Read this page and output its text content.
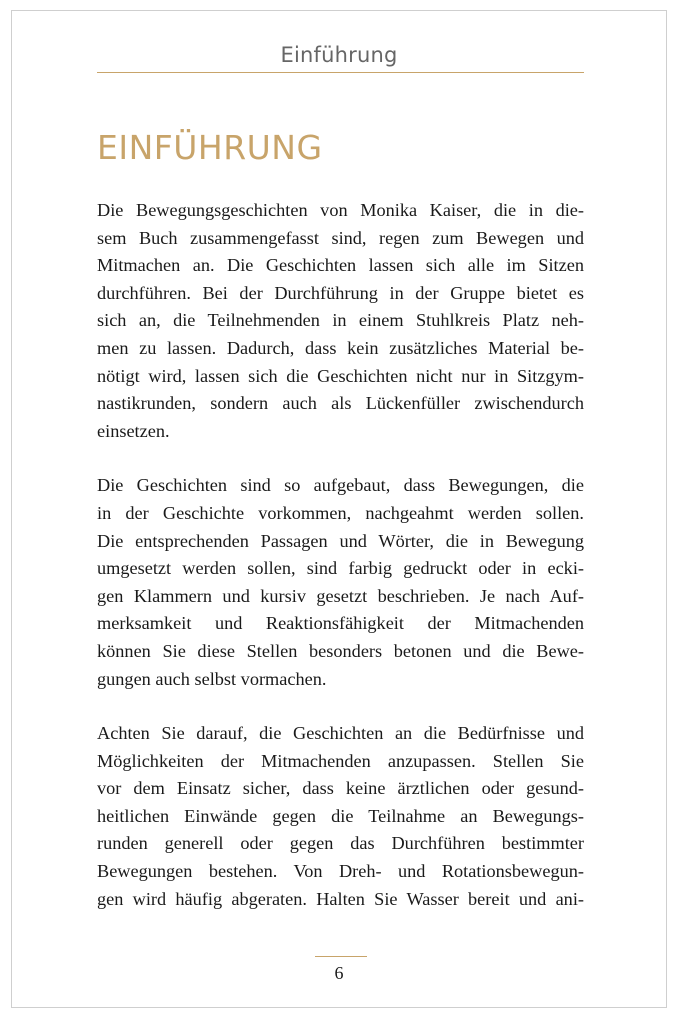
Einführung
EINFÜHRUNG

Die Bewegungsgeschichten von Monika Kaiser, die in die-
sem Buch zusammengefasst sind, regen zum Bewegen und
Mitmachen an. Die Geschichten lassen sich alle im Sitzen
durchführen. Bei der Durchführung in der Gruppe bietet es
sich an, die Teilnehmenden in einem Stuhlkreis Platz neh-
men zu lassen. Dadurch, dass kein zusätzliches Material be-
nötigt wird, lassen sich die Geschichten nicht nur in Sitzgym-
nastikrunden, sondern auch als Lückenfüller zwischendurch
einsetzen.

Die Geschichten sind so aufgebaut, dass Bewegungen, die
in der Geschichte vorkommen, nachgeahmt werden sollen.
Die entsprechenden Passagen und Wörter, die in Bewegung
umgesetzt werden sollen, sind farbig gedruckt oder in ecki-
gen Klammern und kursiv gesetzt beschrieben. Je nach Auf-
merksamkeit und Reaktionsfähigkeit der Mitmachenden
können Sie diese Stellen besonders betonen und die Bewe-
gungen auch selbst vormachen.

Achten Sie darauf, die Geschichten an die Bedürfnisse und
Möglichkeiten der Mitmachenden anzupassen. Stellen Sie
vor dem Einsatz sicher, dass keine ärztlichen oder gesund-
heitlichen Einwände gegen die Teilnahme an Bewegungs-
runden generell oder gegen das Durchführen bestimmter
Bewegungen bestehen. Von Dreh- und Rotationsbewegun-
gen wird häufig abgeraten. Halten Sie Wasser bereit und ani-

6
